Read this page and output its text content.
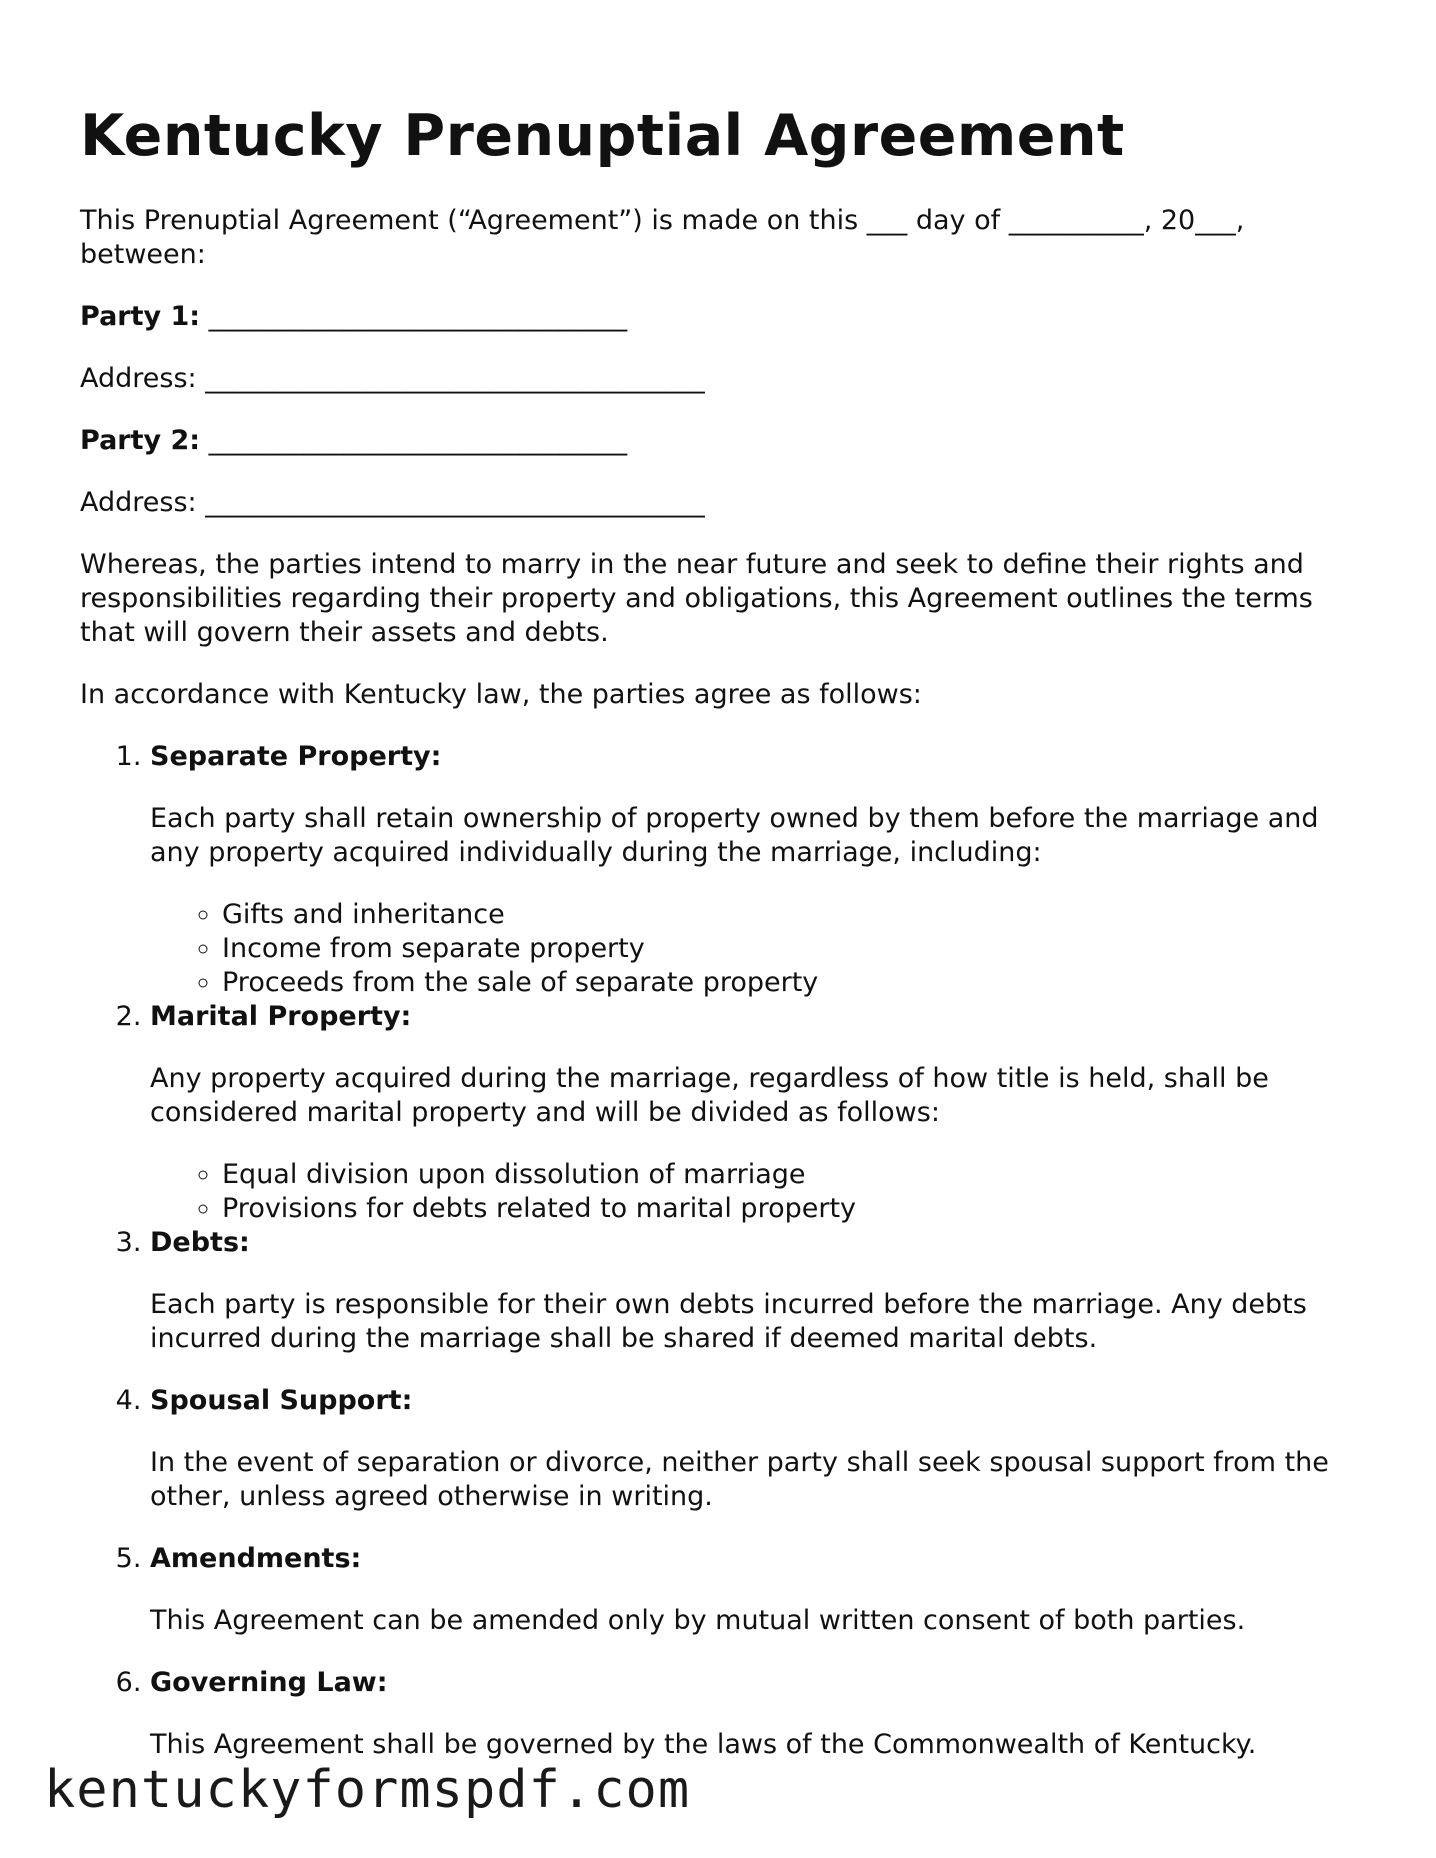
Kentucky Prenuptial Agreement

This Prenuptial Agreement (“Agreement”) is made on this ___ day of __________, 20___, between:

Party 1: _______________________________

Address: _____________________________________

Party 2: _______________________________

Address: _____________________________________

Whereas, the parties intend to marry in the near future and seek to define their rights and responsibilities regarding their property and obligations, this Agreement outlines the terms that will govern their assets and debts.

In accordance with Kentucky law, the parties agree as follows:

1. Separate Property:
Each party shall retain ownership of property owned by them before the marriage and any property acquired individually during the marriage, including:
◦ Gifts and inheritance
◦ Income from separate property
◦ Proceeds from the sale of separate property
2. Marital Property:
Any property acquired during the marriage, regardless of how title is held, shall be considered marital property and will be divided as follows:
◦ Equal division upon dissolution of marriage
◦ Provisions for debts related to marital property
3. Debts:
Each party is responsible for their own debts incurred before the marriage. Any debts incurred during the marriage shall be shared if deemed marital debts.
4. Spousal Support:
In the event of separation or divorce, neither party shall seek spousal support from the other, unless agreed otherwise in writing.
5. Amendments:
This Agreement can be amended only by mutual written consent of both parties.
6. Governing Law:
This Agreement shall be governed by the laws of the Commonwealth of Kentucky.
kentuckyformspdf.com
